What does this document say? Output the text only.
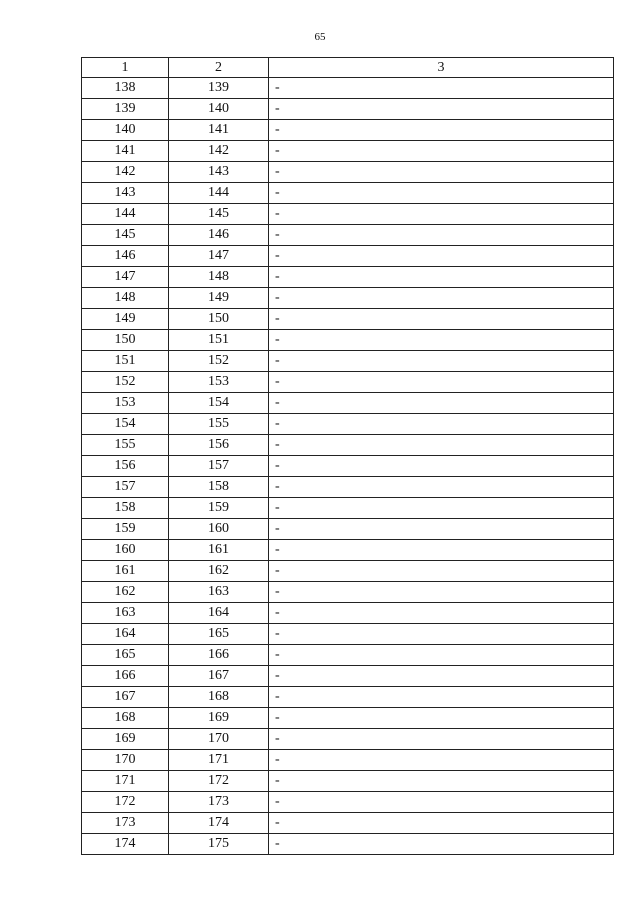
65
1	2	3
138	139	-
139	140	-
140	141	-
141	142	-
142	143	-
143	144	-
144	145	-
145	146	-
146	147	-
147	148	-
148	149	-
149	150	-
150	151	-
151	152	-
152	153	-
153	154	-
154	155	-
155	156	-
156	157	-
157	158	-
158	159	-
159	160	-
160	161	-
161	162	-
162	163	-
163	164	-
164	165	-
165	166	-
166	167	-
167	168	-
168	169	-
169	170	-
170	171	-
171	172	-
172	173	-
173	174	-
174	175	-
